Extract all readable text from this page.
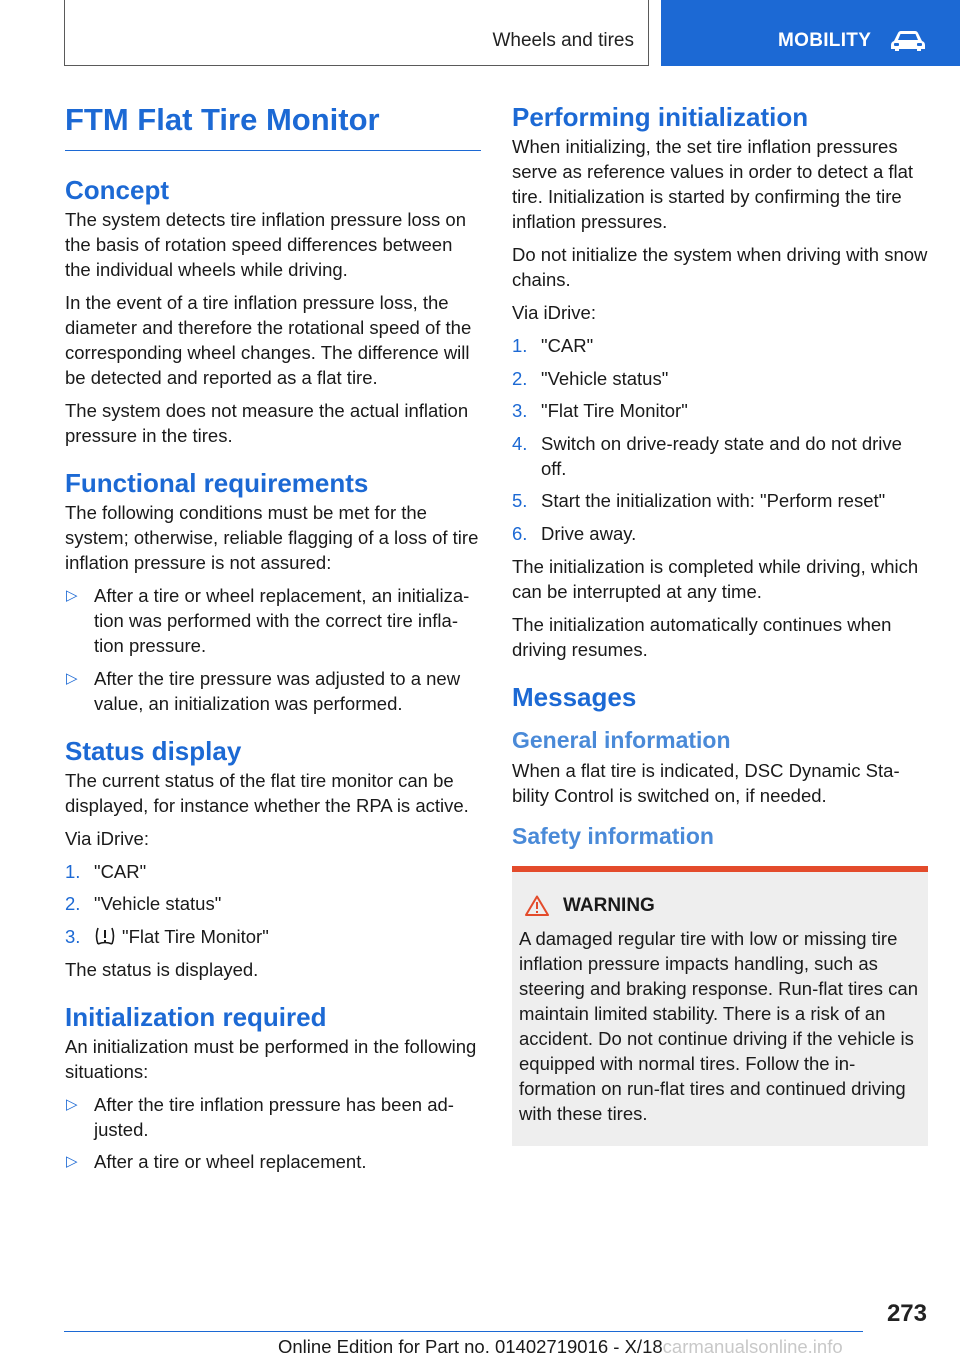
Wheels and tires	MOBILITY
FTM Flat Tire Monitor
Concept

The system detects tire inflation pressure loss on the basis of rotation speed differences between the individual wheels while driving.

In the event of a tire inflation pressure loss, the diameter and therefore the rotational speed of the corresponding wheel changes. The difference will be detected and reported as a flat tire.

The system does not measure the actual inflation pressure in the tires.

Functional requirements

The following conditions must be met for the system; otherwise, reliable flagging of a loss of tire inflation pressure is not assured:

▷ After a tire or wheel replacement, an initialization was performed with the correct tire inflation pressure.
▷ After the tire pressure was adjusted to a new value, an initialization was performed.
Status display

The current status of the flat tire monitor can be displayed, for instance whether the RPA is active.

Via iDrive:

1. "CAR"
2. "Vehicle status"
3. "Flat Tire Monitor"

The status is displayed.

Initialization required

An initialization must be performed in the following situations:

▷ After the tire inflation pressure has been adjusted.
▷ After a tire or wheel replacement.
Performing initialization

When initializing, the set tire inflation pressures serve as reference values in order to detect a flat tire. Initialization is started by confirming the tire inflation pressures.

Do not initialize the system when driving with snow chains.

Via iDrive:

1. "CAR"
2. "Vehicle status"
3. "Flat Tire Monitor"
4. Switch on drive-ready state and do not drive off.
5. Start the initialization with: "Perform reset"
6. Drive away.

The initialization is completed while driving, which can be interrupted at any time.

The initialization automatically continues when driving resumes.

Messages
General information

When a flat tire is indicated, DSC Dynamic Stability Control is switched on, if needed.

Safety information
WARNING

A damaged regular tire with low or missing tire inflation pressure impacts handling, such as steering and braking response. Run-flat tires can maintain limited stability. There is a risk of an accident. Do not continue driving if the vehicle is equipped with normal tires. Follow the information on run-flat tires and continued driving with these tires.

273
Online Edition for Part no. 01402719016 - X/18carmanualsonline.info
